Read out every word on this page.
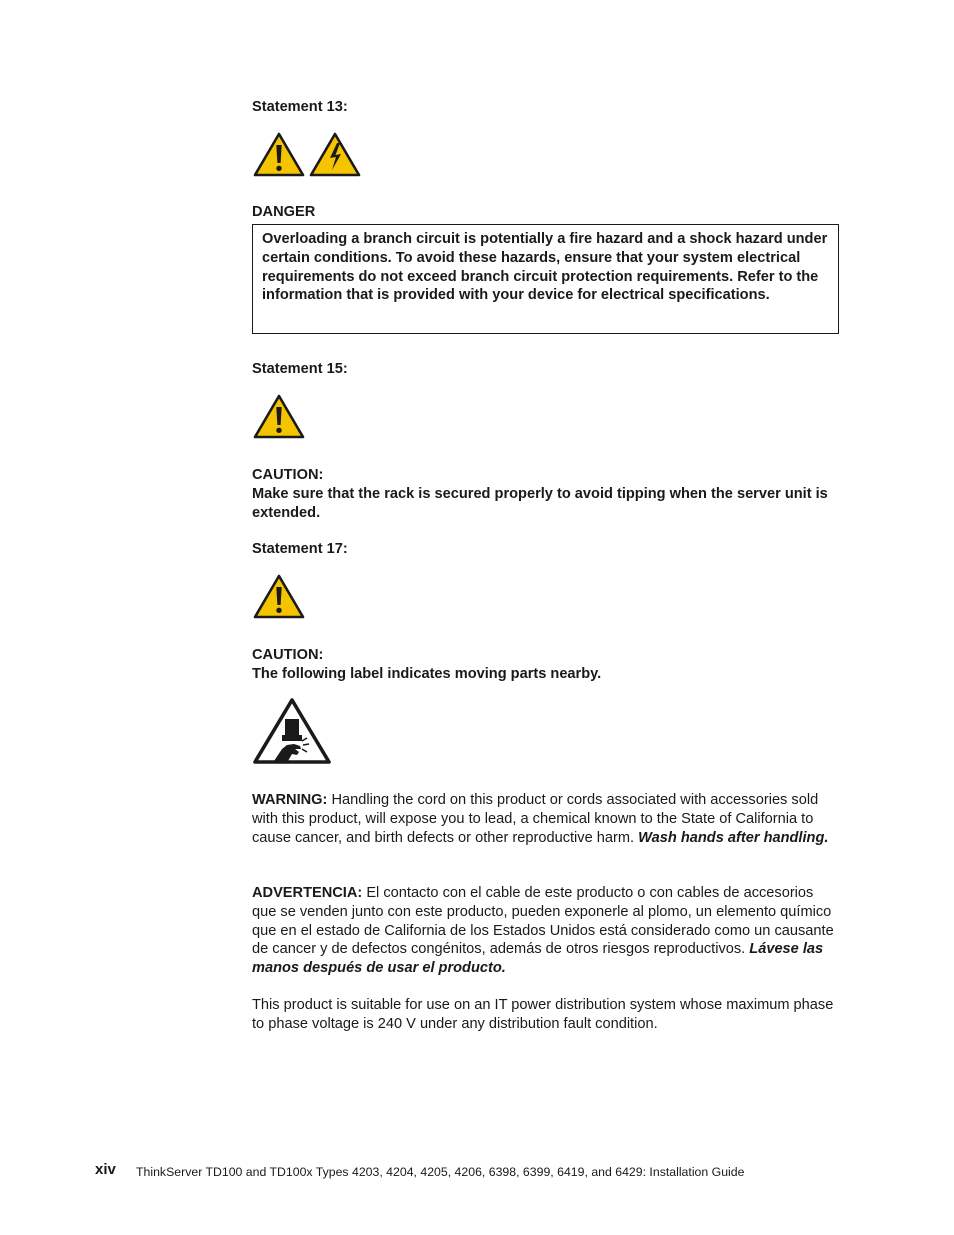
Statement 13:
DANGER

Overloading a branch circuit is potentially a fire hazard and a shock hazard under certain conditions. To avoid these hazards, ensure that your system electrical requirements do not exceed branch circuit protection requirements. Refer to the information that is provided with your device for electrical specifications.

Statement 15:
CAUTION:
Make sure that the rack is secured properly to avoid tipping when the server unit is extended.
Statement 17:
CAUTION:
The following label indicates moving parts nearby.
WARNING: Handling the cord on this product or cords associated with accessories sold with this product, will expose you to lead, a chemical known to the State of California to cause cancer, and birth defects or other reproductive harm. Wash hands after handling.
ADVERTENCIA: El contacto con el cable de este producto o con cables de accesorios que se venden junto con este producto, pueden exponerle al plomo, un elemento químico que en el estado de California de los Estados Unidos está considerado como un causante de cancer y de defectos congénitos, además de otros riesgos reproductivos. Lávese las manos después de usar el producto.
This product is suitable for use on an IT power distribution system whose maximum phase to phase voltage is 240 V under any distribution fault condition.
xiv ThinkServer TD100 and TD100x Types 4203, 4204, 4205, 4206, 6398, 6399, 6419, and 6429: Installation Guide
